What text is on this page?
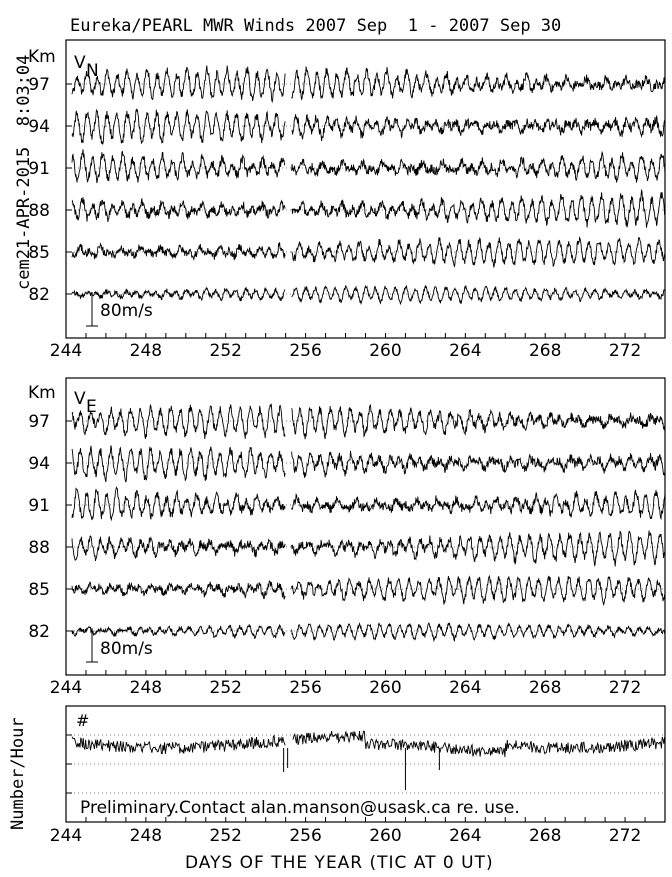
Eureka/PEARL MWR Winds 2007 Sep  1 - 2007 Sep 30
cem21-APR-2015  8:03:04
Number/Hour
DAYS OF THE YEAR (TIC AT 0 UT)
V N
Km
97
94
91
88
85
82
244	248	252	256	260	264	268	272
80m/s
V E
Km
97
94
91
88
85
82
244	248	252	256	260	264	268	272
80m/s
244	248	252	256	260	264	268	272
#
Preliminary.Contact alan.manson@usask.ca re. use.
